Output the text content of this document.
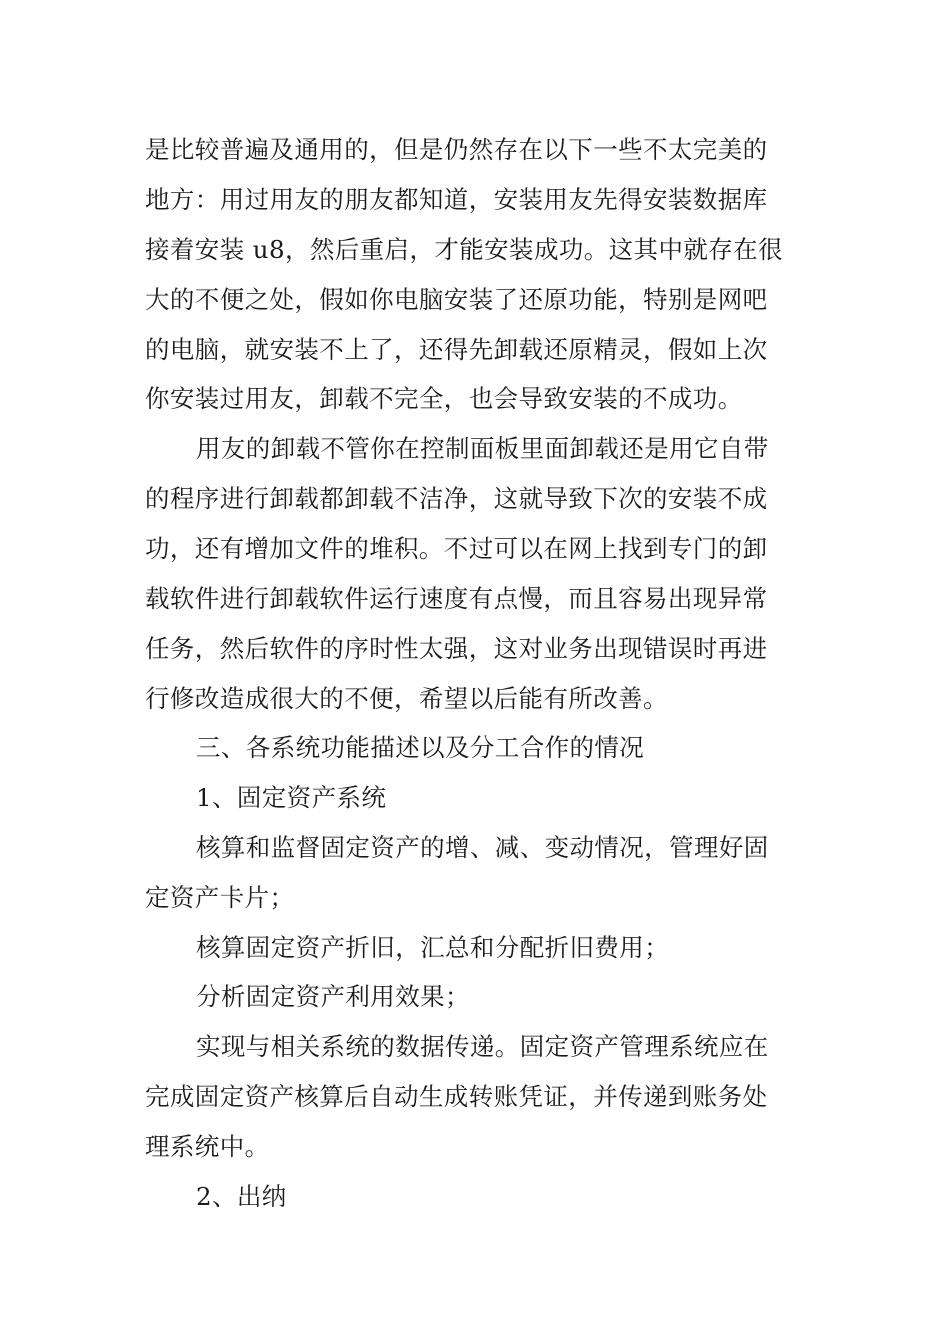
是比较普遍及通用的，但是仍然存在以下一些不太完美的
地方：用过用友的朋友都知道，安装用友先得安装数据库
接着安装 u8，然后重启，才能安装成功。这其中就存在很
大的不便之处，假如你电脑安装了还原功能，特别是网吧
的电脑，就安装不上了，还得先卸载还原精灵，假如上次
你安装过用友，卸载不完全，也会导致安装的不成功。
用友的卸载不管你在控制面板里面卸载还是用它自带
的程序进行卸载都卸载不洁净，这就导致下次的安装不成
功，还有增加文件的堆积。不过可以在网上找到专门的卸
载软件进行卸载软件运行速度有点慢，而且容易出现异常
任务，然后软件的序时性太强，这对业务出现错误时再进
行修改造成很大的不便，希望以后能有所改善。
三、各系统功能描述以及分工合作的情况
1、固定资产系统
核算和监督固定资产的增、减、变动情况，管理好固
定资产卡片；
核算固定资产折旧，汇总和分配折旧费用；
分析固定资产利用效果；
实现与相关系统的数据传递。固定资产管理系统应在
完成固定资产核算后自动生成转账凭证，并传递到账务处
理系统中。
2、出纳
